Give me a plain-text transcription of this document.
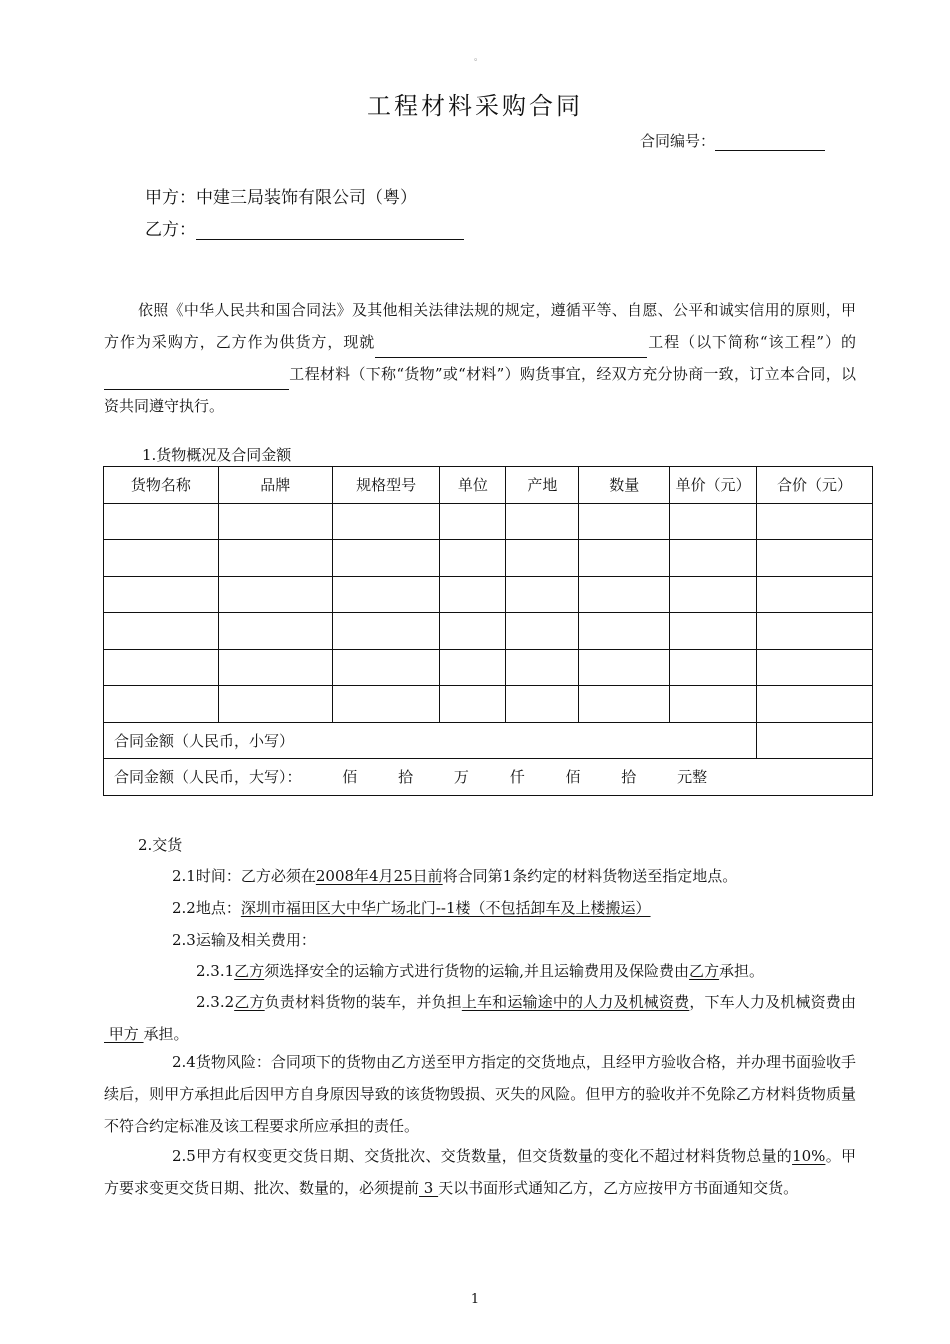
。
工程材料采购合同
合同编号：
甲方：中建三局装饰有限公司（粤）
乙方：

依照《中华人民共和国合同法》及其他相关法律法规的规定，遵循平等、自愿、公平和诚实信用的原则，甲方作为采购方，乙方作为供货方，现就	工程（以下简称“该工程”）的工程材料（下称“货物”或“材料”）购货事宜，经双方充分协商一致，订立本合同，以资共同遵守执行。

1.货物概况及合同金额
货物名称	品牌	规格型号	单位	产地	数量	单价（元）	合价（元）

合同金额（人民币，小写）							
合同金额（人民币，大写）： 佰 拾 万 仟 佰 拾 元整							
2.交货
2.1时间：乙方必须在2008年4月25日前将合同第1条约定的材料货物送至指定地点。
2.2地点：深圳市福田区大中华广场北门--1楼（不包括卸车及上楼搬运）
2.3运输及相关费用：
2.3.1乙方须选择安全的运输方式进行货物的运输,并且运输费用及保险费由乙方承担。

2.3.2乙方负责材料货物的装车，并负担上车和运输途中的人力及机械资费，下车人力及机械资费由 甲方 承担。

2.4货物风险：合同项下的货物由乙方送至甲方指定的交货地点，且经甲方验收合格，并办理书面验收手续后，则甲方承担此后因甲方自身原因导致的该货物毁损、灭失的风险。但甲方的验收并不免除乙方材料货物质量不符合约定标准及该工程要求所应承担的责任。

2.5甲方有权变更交货日期、交货批次、交货数量，但交货数量的变化不超过材料货物总量的10%。甲方要求变更交货日期、批次、数量的，必须提前 3 天以书面形式通知乙方，乙方应按甲方书面通知交货。

1
